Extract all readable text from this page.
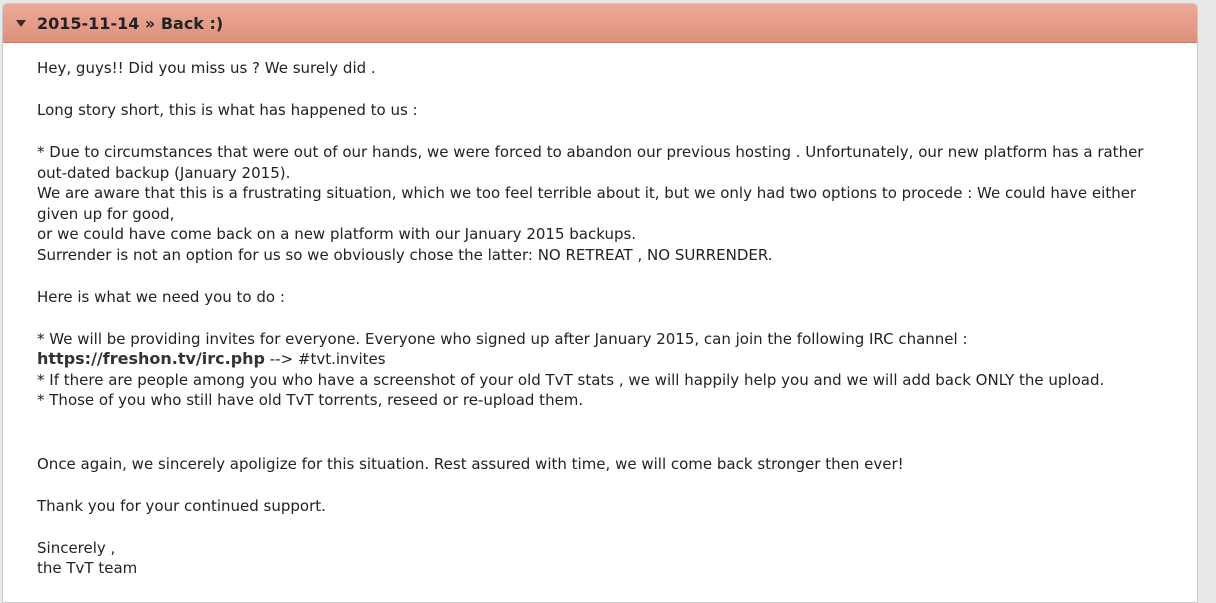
2015-11-14 » Back :)

Hey, guys!! Did you miss us ? We surely did .

Long story short, this is what has happened to us :

* Due to circumstances that were out of our hands, we were forced to abandon our previous hosting . Unfortunately, our new platform has a rather out-dated backup (January 2015).

We are aware that this is a frustrating situation, which we too feel terrible about it, but we only had two options to procede : We could have either given up for good,

or we could have come back on a new platform with our January 2015 backups.

Surrender is not an option for us so we obviously chose the latter: NO RETREAT , NO SURRENDER.

Here is what we need you to do :

* We will be providing invites for everyone. Everyone who signed up after January 2015, can join the following IRC channel : https://freshon.tv/irc.php --> #tvt.invites

* If there are people among you who have a screenshot of your old TvT stats , we will happily help you and we will add back ONLY the upload.

* Those of you who still have old TvT torrents, reseed or re-upload them.

Once again, we sincerely apoligize for this situation. Rest assured with time, we will come back stronger then ever!

Thank you for your continued support.

Sincerely ,

the TvT team
